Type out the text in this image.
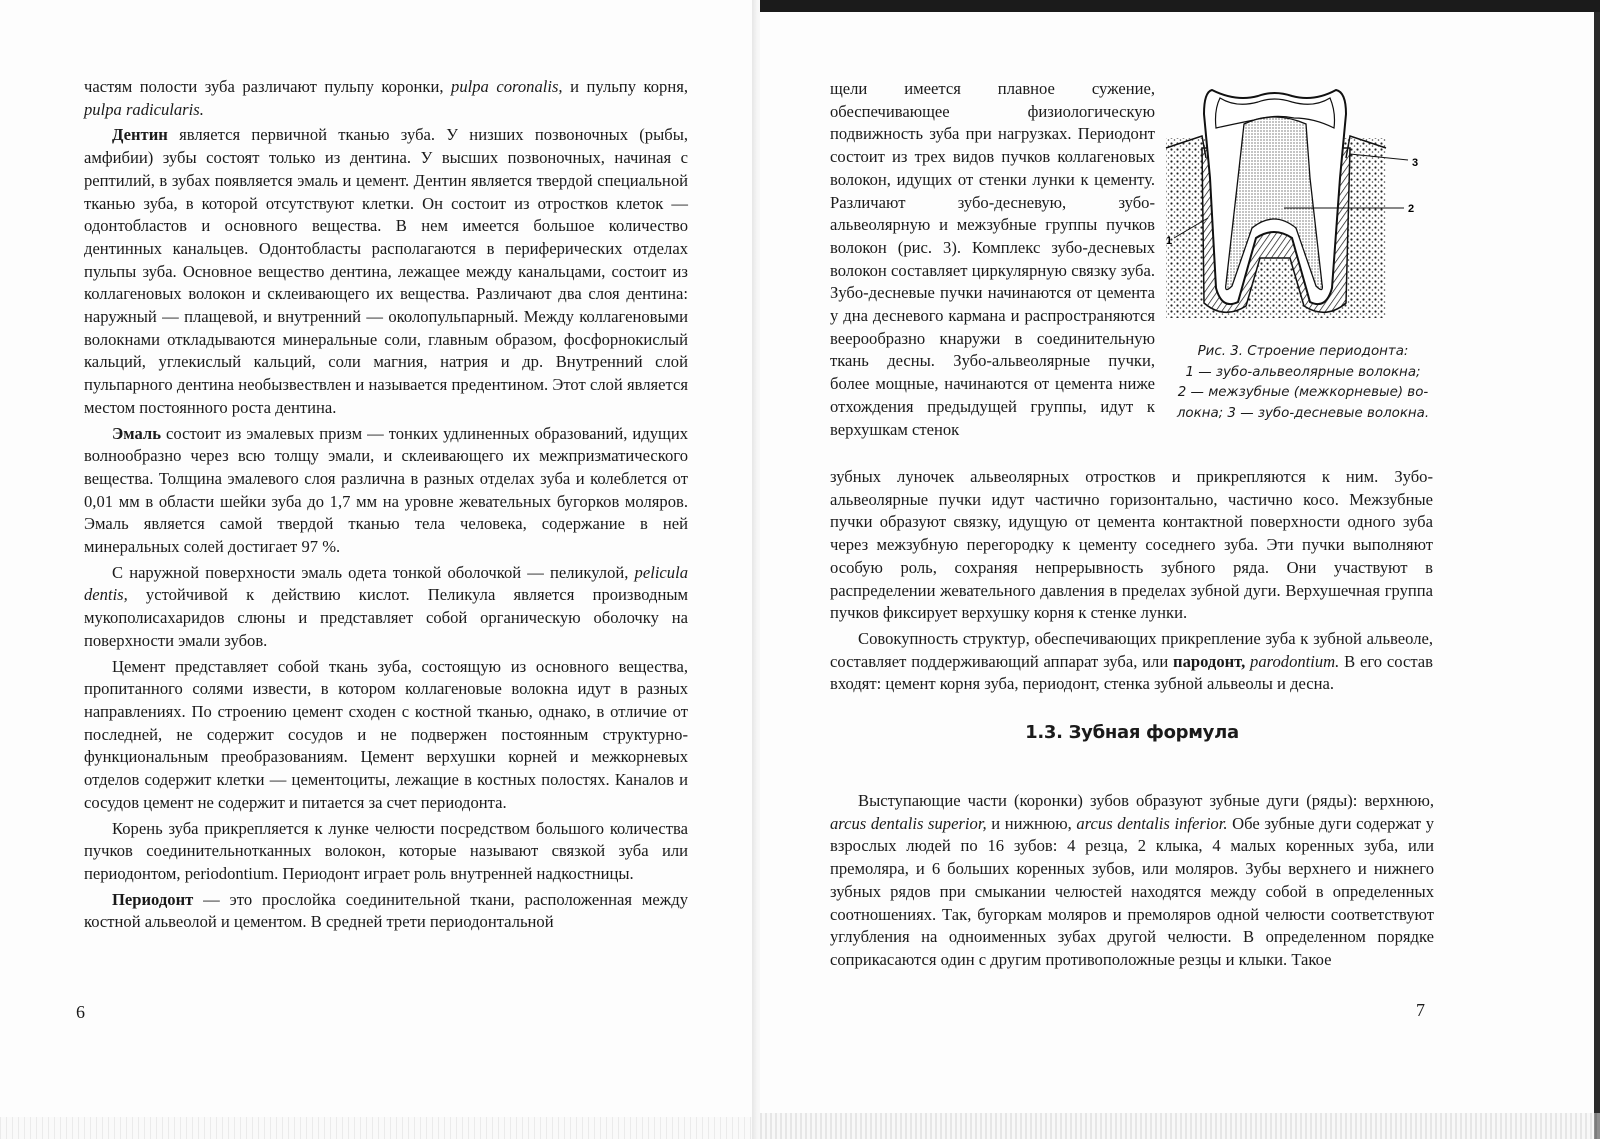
частям полости зуба различают пульпу коронки, pulpa coronalis, и пульпу корня, pulpa radicularis.

Дентин является первичной тканью зуба. У низших позвоночных (рыбы, амфибии) зубы состоят только из дентина. У высших позвоночных, начиная с рептилий, в зубах появляется эмаль и цемент. Дентин является твердой специальной тканью зуба, в которой отсутствуют клетки. Он состоит из отростков клеток — одонтобластов и основного вещества. В нем имеется большое количество дентинных канальцев. Одонтобласты располагаются в периферических отделах пульпы зуба. Основное вещество дентина, лежащее между канальцами, состоит из коллагеновых волокон и склеивающего их вещества. Различают два слоя дентина: наружный — плащевой, и внутренний — околопульпарный. Между коллагеновыми волокнами откладываются минеральные соли, главным образом, фосфорнокислый кальций, углекислый кальций, соли магния, натрия и др. Внутренний слой пульпарного дентина необызвествлен и называется предентином. Этот слой является местом постоянного роста дентина.

Эмаль состоит из эмалевых призм — тонких удлиненных образований, идущих волнообразно через всю толщу эмали, и склеивающего их межпризматического вещества. Толщина эмалевого слоя различна в разных отделах зуба и колеблется от 0,01 мм в области шейки зуба до 1,7 мм на уровне жевательных бугорков моляров. Эмаль является самой твердой тканью тела человека, содержание в ней минеральных солей достигает 97 %.

С наружной поверхности эмаль одета тонкой оболочкой — пеликулой, pelicula dentis, устойчивой к действию кислот. Пеликула является производным мукополисахаридов слюны и представляет собой органическую оболочку на поверхности эмали зубов.

Цемент представляет собой ткань зуба, состоящую из основного вещества, пропитанного солями извести, в котором коллагеновые волокна идут в разных направлениях. По строению цемент сходен с костной тканью, однако, в отличие от последней, не содержит сосудов и не подвержен постоянным структурно-функциональным преобразованиям. Цемент верхушки корней и межкорневых отделов содержит клетки — цементоциты, лежащие в костных полостях. Каналов и сосудов цемент не содержит и питается за счет периодонта.

Корень зуба прикрепляется к лунке челюсти посредством большого количества пучков соединительнотканных волокон, которые называют связкой зуба или периодонтом, periodontium. Периодонт играет роль внутренней надкостницы.

Периодонт — это прослойка соединительной ткани, расположенная между костной альвеолой и цементом. В средней трети периодонтальной

6

щели имеется плавное сужение, обеспечивающее физиологическую подвижность зуба при нагрузках. Периодонт состоит из трех видов пучков коллагеновых волокон, идущих от стенки лунки к цементу. Различают зубо-десневую, зубо-альвеолярную и межзубные группы пучков волокон (рис. 3). Комплекс зубо-десневых волокон составляет циркулярную связку зуба. Зубо-десневые пучки начинаются от цемента у дна десневого кармана и распространяются веерообразно кнаружи в соединительную ткань десны. Зубо-альвеолярные пучки, более мощные, начинаются от цемента ниже отхождения предыдущей группы, идут к верхушкам стенок

3
2
1
Рис. 3. Строение периодонта:
1 — зубо-альвеолярные волокна;
2 — межзубные (межкорневые) во-
локна; 3 — зубо-десневые волокна.

зубных луночек альвеолярных отростков и прикрепляются к ним. Зубо-альвеолярные пучки идут частично горизонтально, частично косо. Межзубные пучки образуют связку, идущую от цемента контактной поверхности одного зуба через межзубную перегородку к цементу соседнего зуба. Эти пучки выполняют особую роль, сохраняя непрерывность зубного ряда. Они участвуют в распределении жевательного давления в пределах зубной дуги. Верхушечная группа пучков фиксирует верхушку корня к стенке лунки.

Совокупность структур, обеспечивающих прикрепление зуба к зубной альвеоле, составляет поддерживающий аппарат зуба, или пародонт, parodontium. В его состав входят: цемент корня зуба, периодонт, стенка зубной альвеолы и десна.

1.3. Зубная формула

Выступающие части (коронки) зубов образуют зубные дуги (ряды): верхнюю, arcus dentalis superior, и нижнюю, arcus dentalis inferior. Обе зубные дуги содержат у взрослых людей по 16 зубов: 4 резца, 2 клыка, 4 малых коренных зуба, или премоляра, и 6 больших коренных зубов, или моляров. Зубы верхнего и нижнего зубных рядов при смыкании челюстей находятся между собой в определенных соотношениях. Так, бугоркам моляров и премоляров одной челюсти соответствуют углубления на одноименных зубах другой челюсти. В определенном порядке соприкасаются один с другим противоположные резцы и клыки. Такое

7
